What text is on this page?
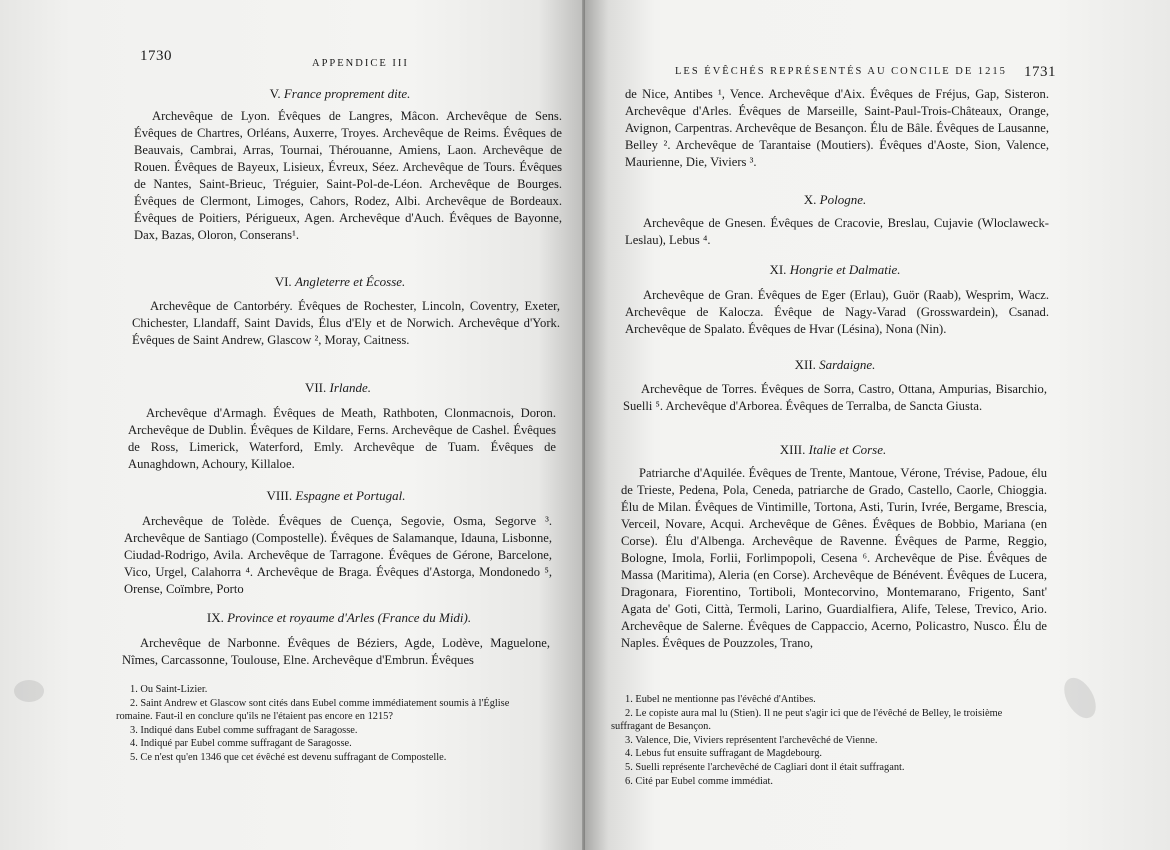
1730	APPENDICE III
V. France proprement dite.
Archevêque de Lyon. Évêques de Langres, Mâcon. Archevêque de Sens. Évêques de Chartres, Orléans, Auxerre, Troyes. Archevêque de Reims. Évêques de Beauvais, Cambrai, Arras, Tournai, Thérouanne, Amiens, Laon. Archevêque de Rouen. Évêques de Bayeux, Lisieux, Évreux, Séez. Archevêque de Tours. Évêques de Nantes, Saint-Brieuc, Tréguier, Saint-Pol-de-Léon. Archevêque de Bourges. Évêques de Clermont, Limoges, Cahors, Rodez, Albi. Archevêque de Bordeaux. Évêques de Poitiers, Périgueux, Agen. Archevêque d'Auch. Évêques de Bayonne, Dax, Bazas, Oloron, Conserans¹.
VI. Angleterre et Écosse.
Archevêque de Cantorbéry. Évêques de Rochester, Lincoln, Coventry, Exeter, Chichester, Llandaff, Saint Davids, Élus d'Ely et de Norwich. Archevêque d'York. Évêques de Saint Andrew, Glascow ², Moray, Caitness.
VII. Irlande.
Archevêque d'Armagh. Évêques de Meath, Rathboten, Clonmacnois, Doron. Archevêque de Dublin. Évêques de Kildare, Ferns. Archevêque de Cashel. Évêques de Ross, Limerick, Waterford, Emly. Archevêque de Tuam. Évêques de Aunaghdown, Achoury, Killaloe.
VIII. Espagne et Portugal.
Archevêque de Tolède. Évêques de Cuença, Segovie, Osma, Segorve ³. Archevêque de Santiago (Compostelle). Évêques de Salamanque, Idauna, Lisbonne, Ciudad-Rodrigo, Avila. Archevêque de Tarragone. Évêques de Gérone, Barcelone, Vico, Urgel, Calahorra ⁴. Archevêque de Braga. Évêques d'Astorga, Mondonedo ⁵, Orense, Coïmbre, Porto
IX. Province et royaume d'Arles (France du Midi).
Archevêque de Narbonne. Évêques de Béziers, Agde, Lodève, Maguelone, Nîmes, Carcassonne, Toulouse, Elne. Archevêque d'Embrun. Évêques
1. Ou Saint-Lizier.
2. Saint Andrew et Glascow sont cités dans Eubel comme immédiatement soumis à l'Église romaine. Faut-il en conclure qu'ils ne l'étaient pas encore en 1215?
3. Indiqué dans Eubel comme suffragant de Saragosse.
4. Indiqué par Eubel comme suffragant de Saragosse.
5. Ce n'est qu'en 1346 que cet évêché est devenu suffragant de Compostelle.
LES ÉVÊCHÉS REPRÉSENTÉS AU CONCILE DE 1215 1731
de Nice, Antibes ¹, Vence. Archevêque d'Aix. Évêques de Fréjus, Gap, Sisteron. Archevêque d'Arles. Évêques de Marseille, Saint-Paul-Trois-Châteaux, Orange, Avignon, Carpentras. Archevêque de Besançon. Élu de Bâle. Évêques de Lausanne, Belley ². Archevêque de Tarantaise (Moutiers). Évêques d'Aoste, Sion, Valence, Maurienne, Die, Viviers ³.
X. Pologne.
Archevêque de Gnesen. Évêques de Cracovie, Breslau, Cujavie (Wloclaweck-Leslau), Lebus ⁴.
XI. Hongrie et Dalmatie.
Archevêque de Gran. Évêques de Eger (Erlau), Guör (Raab), Wesprim, Wacz. Archevêque de Kalocza. Évêque de Nagy-Varad (Grosswardein), Csanad. Archevêque de Spalato. Évêques de Hvar (Lésina), Nona (Nin).
XII. Sardaigne.
Archevêque de Torres. Évêques de Sorra, Castro, Ottana, Ampurias, Bisarchio, Suelli ⁵. Archevêque d'Arborea. Évêques de Terralba, de Sancta Giusta.
XIII. Italie et Corse.
Patriarche d'Aquilée. Évêques de Trente, Mantoue, Vérone, Trévise, Padoue, élu de Trieste, Pedena, Pola, Ceneda, patriarche de Grado, Castello, Caorle, Chioggia. Élu de Milan. Évêques de Vintimille, Tortona, Asti, Turin, Ivrée, Bergame, Brescia, Verceil, Novare, Acqui. Archevêque de Gênes. Évêques de Bobbio, Mariana (en Corse). Élu d'Albenga. Archevêque de Ravenne. Évêques de Parme, Reggio, Bologne, Imola, Forlii, Forlimpopoli, Cesena ⁶. Archevêque de Pise. Évêques de Massa (Maritima), Aleria (en Corse). Archevêque de Bénévent. Évêques de Lucera, Dragonara, Fiorentino, Tortiboli, Montecorvino, Montemarano, Frigento, Sant' Agata de' Goti, Città, Termoli, Larino, Guardialfiera, Alife, Telese, Trevico, Ario. Archevêque de Salerne. Évêques de Cappaccio, Acerno, Policastro, Nusco. Élu de Naples. Évêques de Pouzzoles, Trano,
1. Eubel ne mentionne pas l'évêché d'Antibes.
2. Le copiste aura mal lu (Stien). Il ne peut s'agir ici que de l'évêché de Belley, le troisième suffragant de Besançon.
3. Valence, Die, Viviers représentent l'archevêché de Vienne.
4. Lebus fut ensuite suffragant de Magdebourg.
5. Suelli représente l'archevêché de Cagliari dont il était suffragant.
6. Cité par Eubel comme immédiat.
